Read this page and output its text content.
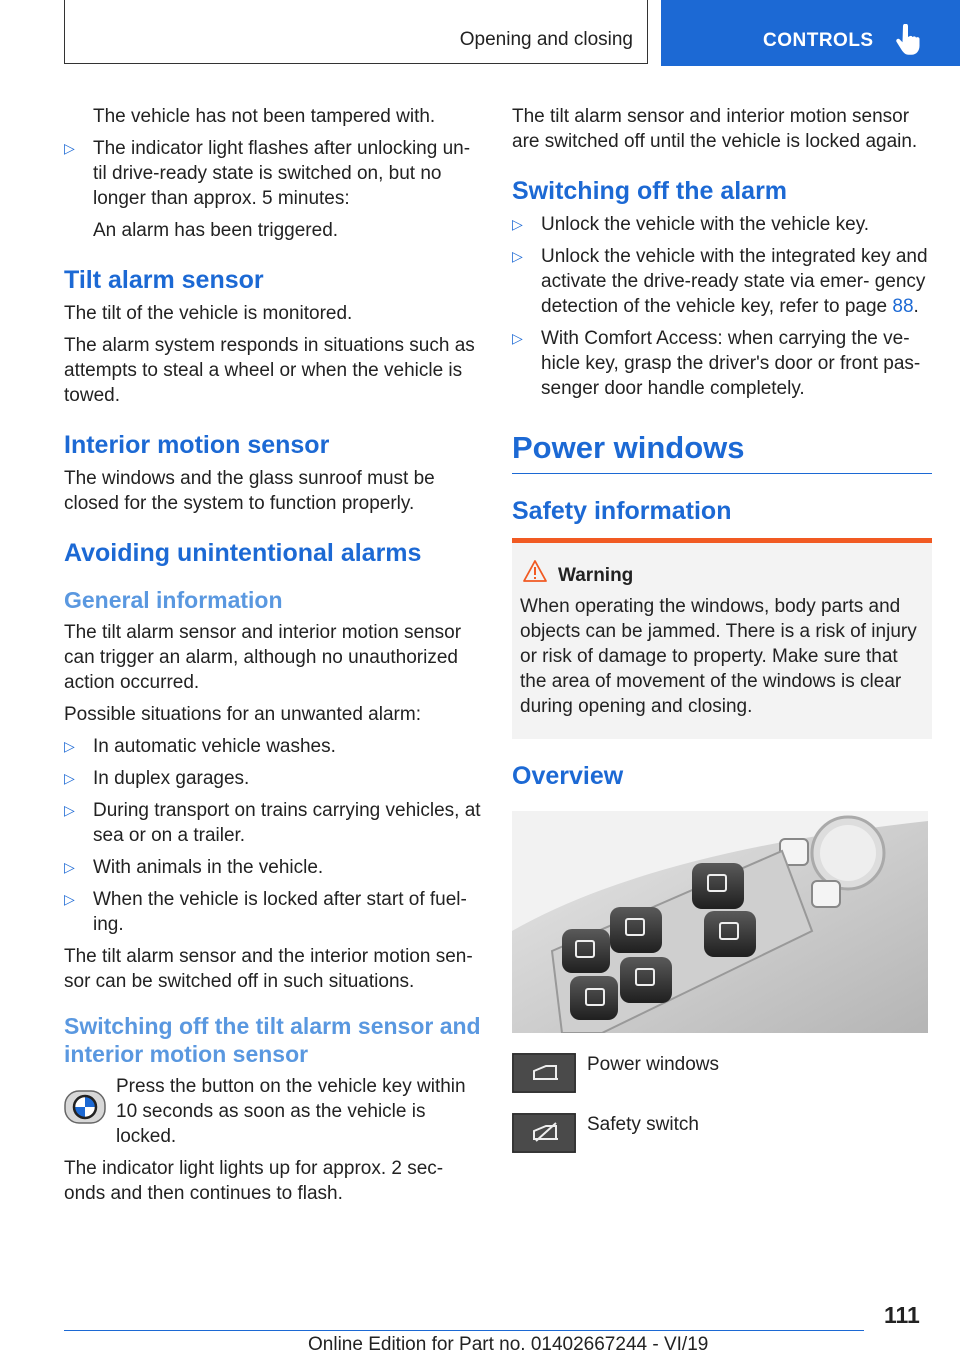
Opening and closing	CONTROLS

The vehicle has not been tampered with.

▷ The indicator light flashes after unlocking un- til drive-ready state is switched on, but no longer than approx. 5 minutes:
An alarm has been triggered.
Tilt alarm sensor

The tilt of the vehicle is monitored.

The alarm system responds in situations such as attempts to steal a wheel or when the vehicle is towed.

Interior motion sensor

The windows and the glass sunroof must be closed for the system to function properly.

Avoiding unintentional alarms
General information

The tilt alarm sensor and interior motion sensor can trigger an alarm, although no unauthorized action occurred.

Possible situations for an unwanted alarm:

▷ In automatic vehicle washes.
▷ In duplex garages.
▷ During transport on trains carrying vehicles, at sea or on a trailer.
▷ With animals in the vehicle.
▷ When the vehicle is locked after start of fuel- ing.

The tilt alarm sensor and the interior motion sen- sor can be switched off in such situations.

Switching off the tilt alarm sensor and interior motion sensor
Press the button on the vehicle key within 10 seconds as soon as the vehicle is locked.

The indicator light lights up for approx. 2 sec- onds and then continues to flash.

The tilt alarm sensor and interior motion sensor are switched off until the vehicle is locked again.

Switching off the alarm
▷ Unlock the vehicle with the vehicle key.
▷ Unlock the vehicle with the integrated key and activate the drive-ready state via emer- gency detection of the vehicle key, refer to page 88.
▷ With Comfort Access: when carrying the ve- hicle key, grasp the driver's door or front pas- senger door handle completely.
Power windows
Safety information
Warning
When operating the windows, body parts and objects can be jammed. There is a risk of injury or risk of damage to property. Make sure that the area of movement of the windows is clear during opening and closing.
Overview
Power windows
Safety switch
111
Online Edition for Part no. 01402667244 - VI/19
